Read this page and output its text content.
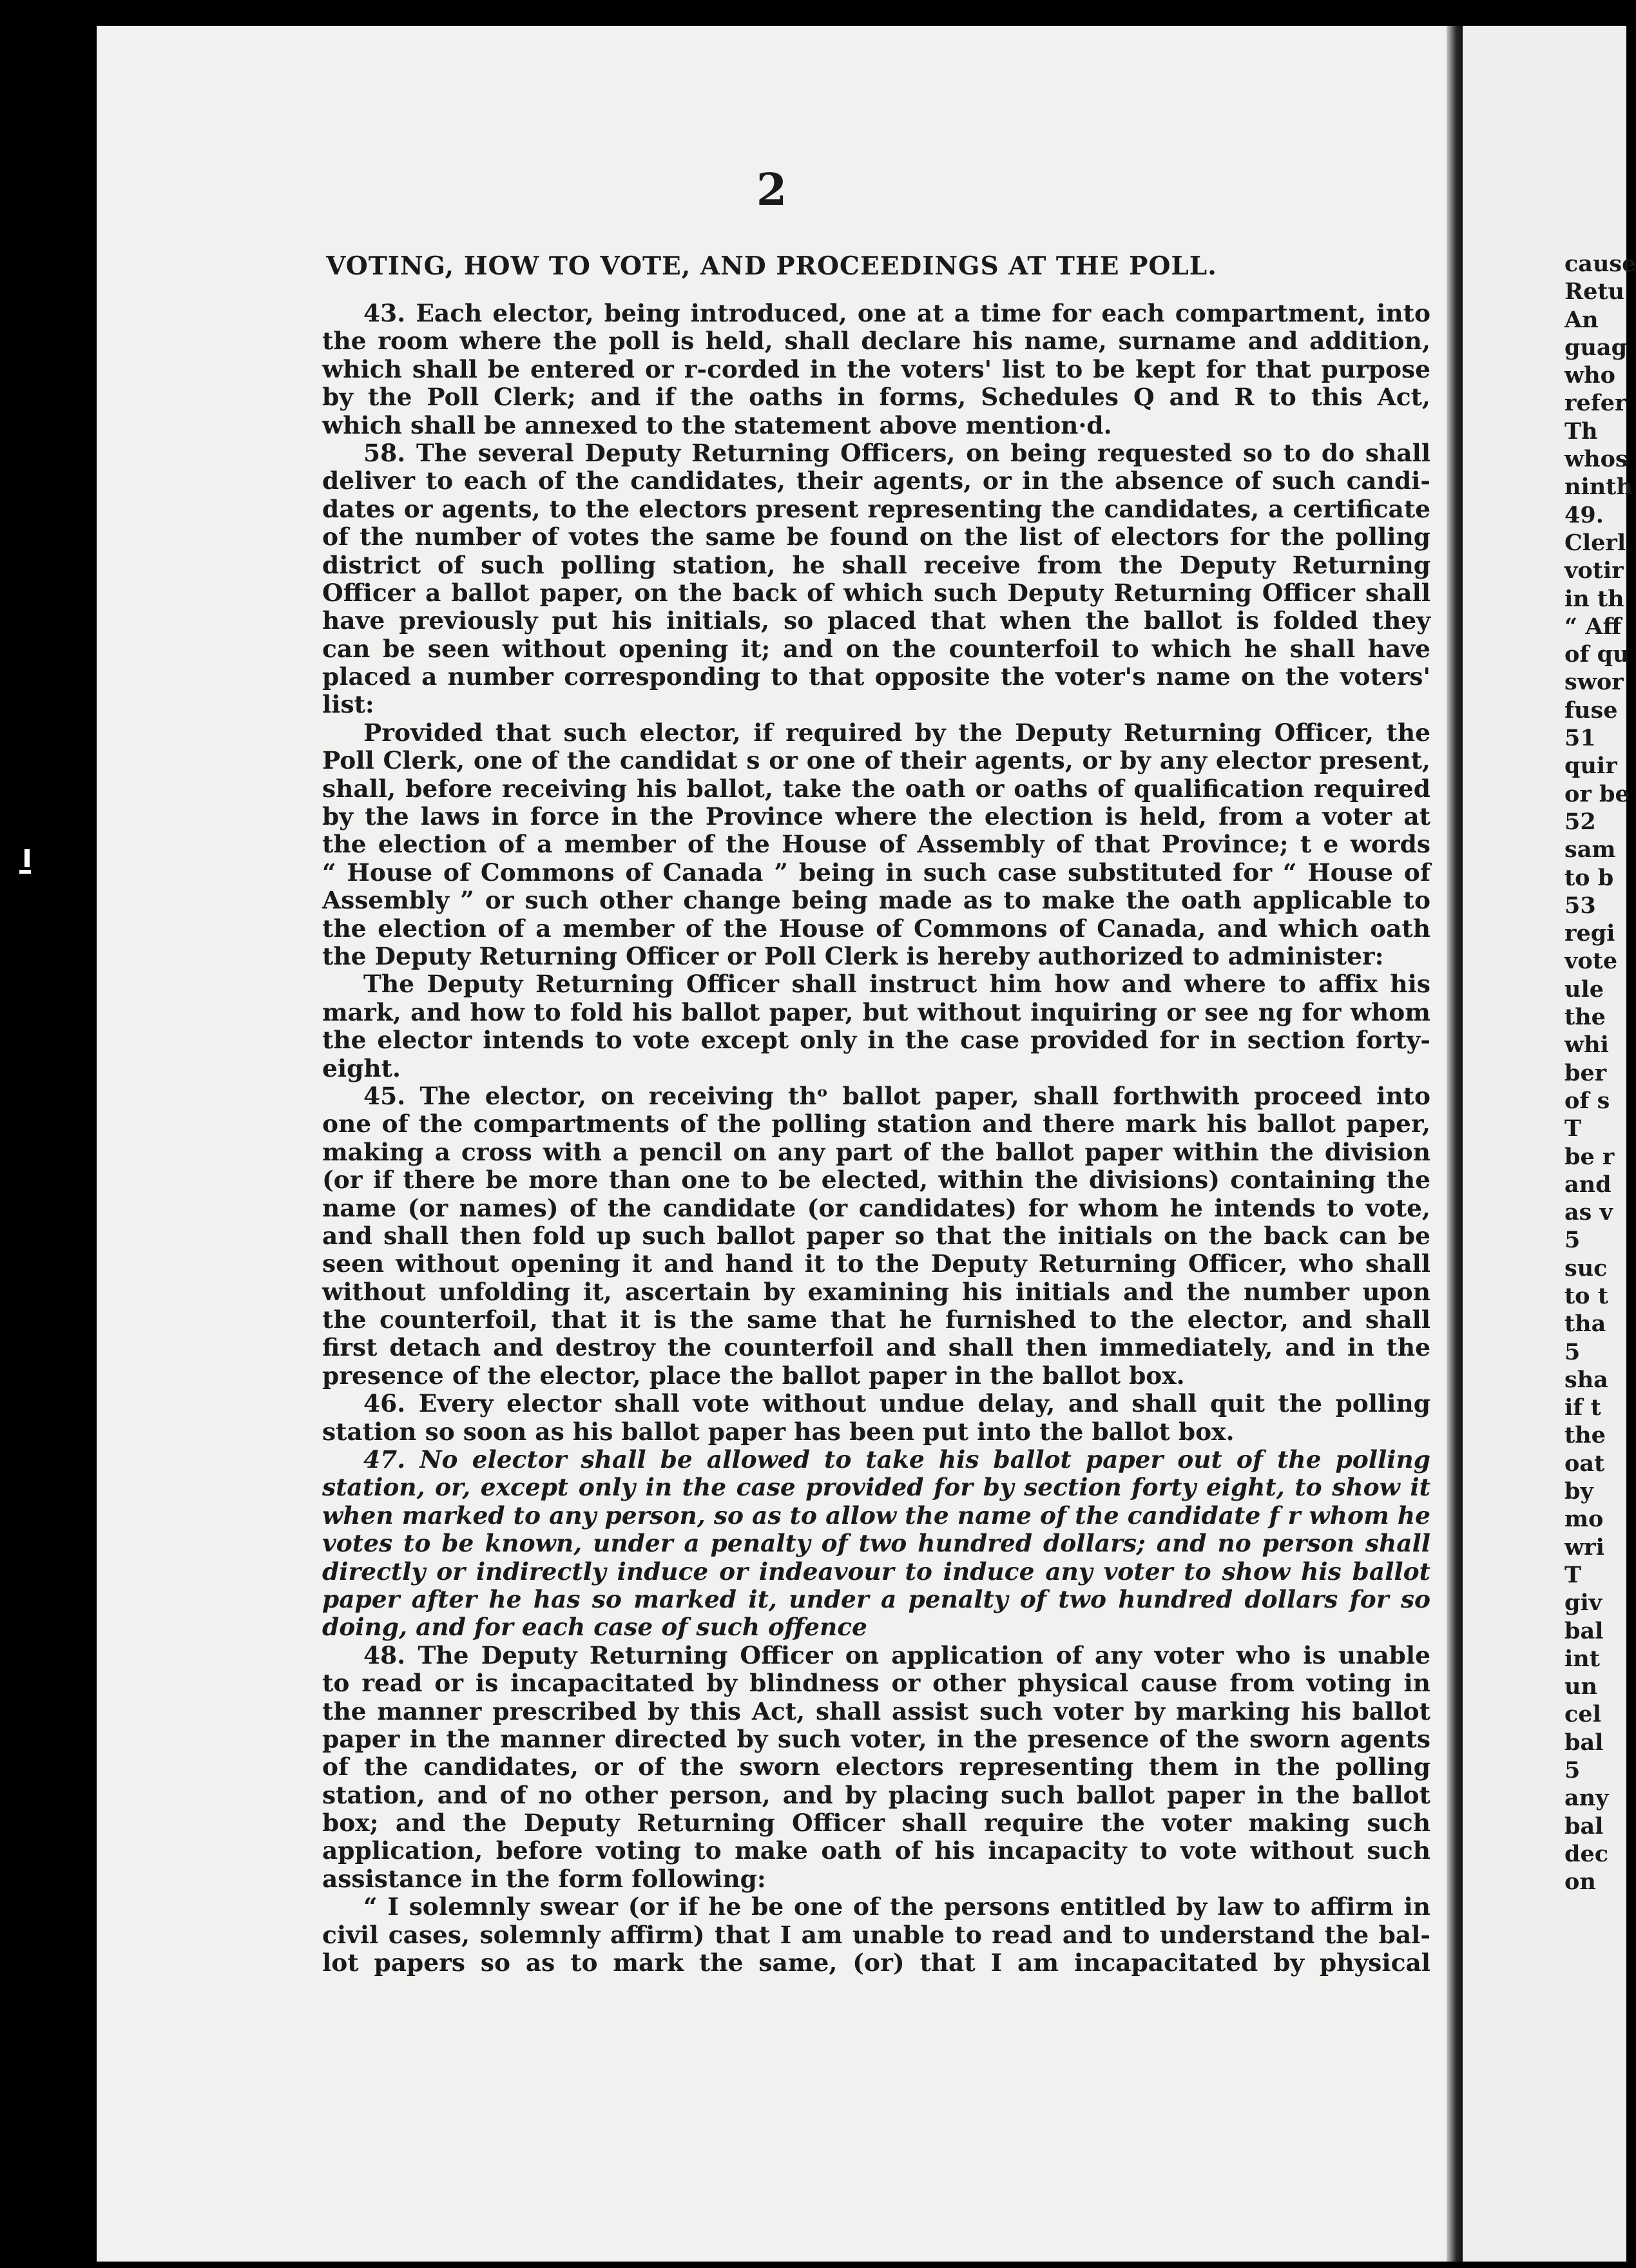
2
VOTING, HOW TO VOTE, AND PROCEEDINGS AT THE POLL.
43. Each elector, being introduced, one at a time for each compartment, into
the room where the poll is held, shall declare his name, surname and addition,
which shall be entered or r-corded in the voters' list to be kept for that purpose
by the Poll Clerk; and if the oaths in forms, Schedules Q and R to this Act,
which shall be annexed to the statement above mention·d.
58. The several Deputy Returning Officers, on being requested so to do shall
deliver to each of the candidates, their agents, or in the absence of such candi-
dates or agents, to the electors present representing the candidates, a certificate
of the number of votes the same be found on the list of electors for the polling
district of such polling station, he shall receive from the Deputy Returning
Officer a ballot paper, on the back of which such Deputy Returning Officer shall
have previously put his initials, so placed that when the ballot is folded they
can be seen without opening it; and on the counterfoil to which he shall have
placed a number corresponding to that opposite the voter's name on the voters'
list:
Provided that such elector, if required by the Deputy Returning Officer, the
Poll Clerk, one of the candidat s or one of their agents, or by any elector present,
shall, before receiving his ballot, take the oath or oaths of qualification required
by the laws in force in the Province where the election is held, from a voter at
the election of a member of the House of Assembly of that Province; t e words
“ House of Commons of Canada ” being in such case substituted for “ House of
Assembly ” or such other change being made as to make the oath applicable to
the election of a member of the House of Commons of Canada, and which oath
the Deputy Returning Officer or Poll Clerk is hereby authorized to administer:
The Deputy Returning Officer shall instruct him how and where to affix his
mark, and how to fold his ballot paper, but without inquiring or see ng for whom
the elector intends to vote except only in the case provided for in section forty-
eight.
45. The elector, on receiving thᵒ ballot paper, shall forthwith proceed into
one of the compartments of the polling station and there mark his ballot paper,
making a cross with a pencil on any part of the ballot paper within the division
(or if there be more than one to be elected, within the divisions) containing the
name (or names) of the candidate (or candidates) for whom he intends to vote,
and shall then fold up such ballot paper so that the initials on the back can be
seen without opening it and hand it to the Deputy Returning Officer, who shall
without unfolding it, ascertain by examining his initials and the number upon
the counterfoil, that it is the same that he furnished to the elector, and shall
first detach and destroy the counterfoil and shall then immediately, and in the
presence of the elector, place the ballot paper in the ballot box.
46. Every elector shall vote without undue delay, and shall quit the polling
station so soon as his ballot paper has been put into the ballot box.
47. No elector shall be allowed to take his ballot paper out of the polling
station, or, except only in the case provided for by section forty eight, to show it
when marked to any person, so as to allow the name of the candidate f r whom he
votes to be known, under a penalty of two hundred dollars; and no person shall
directly or indirectly induce or indeavour to induce any voter to show his ballot
paper after he has so marked it, under a penalty of two hundred dollars for so
doing, and for each case of such offence
48. The Deputy Returning Officer on application of any voter who is unable
to read or is incapacitated by blindness or other physical cause from voting in
the manner prescribed by this Act, shall assist such voter by marking his ballot
paper in the manner directed by such voter, in the presence of the sworn agents
of the candidates, or of the sworn electors representing them in the polling
station, and of no other person, and by placing such ballot paper in the ballot
box; and the Deputy Returning Officer shall require the voter making such
application, before voting to make oath of his incapacity to vote without such
assistance in the form following:
“ I solemnly swear (or if he be one of the persons entitled by law to affirm in
civil cases, solemnly affirm) that I am unable to read and to understand the bal-
lot papers so as to mark the same, (or) that I am incapacitated by physical
cause
Retu
An
guag
who
refer
Th
whos
ninth
49.
Clerl
votir
in th
“ Aff
of qu
swor
fuse
51
quir
or be
52
sam
to b
53
regi
vote
ule
the
whi
ber
of s
T
be r
and
as v
5
suc
to t
tha
5
sha
if t
the
oat
by
mo
wri
T
giv
bal
int
un
cel
bal
5
any
bal
dec
on
